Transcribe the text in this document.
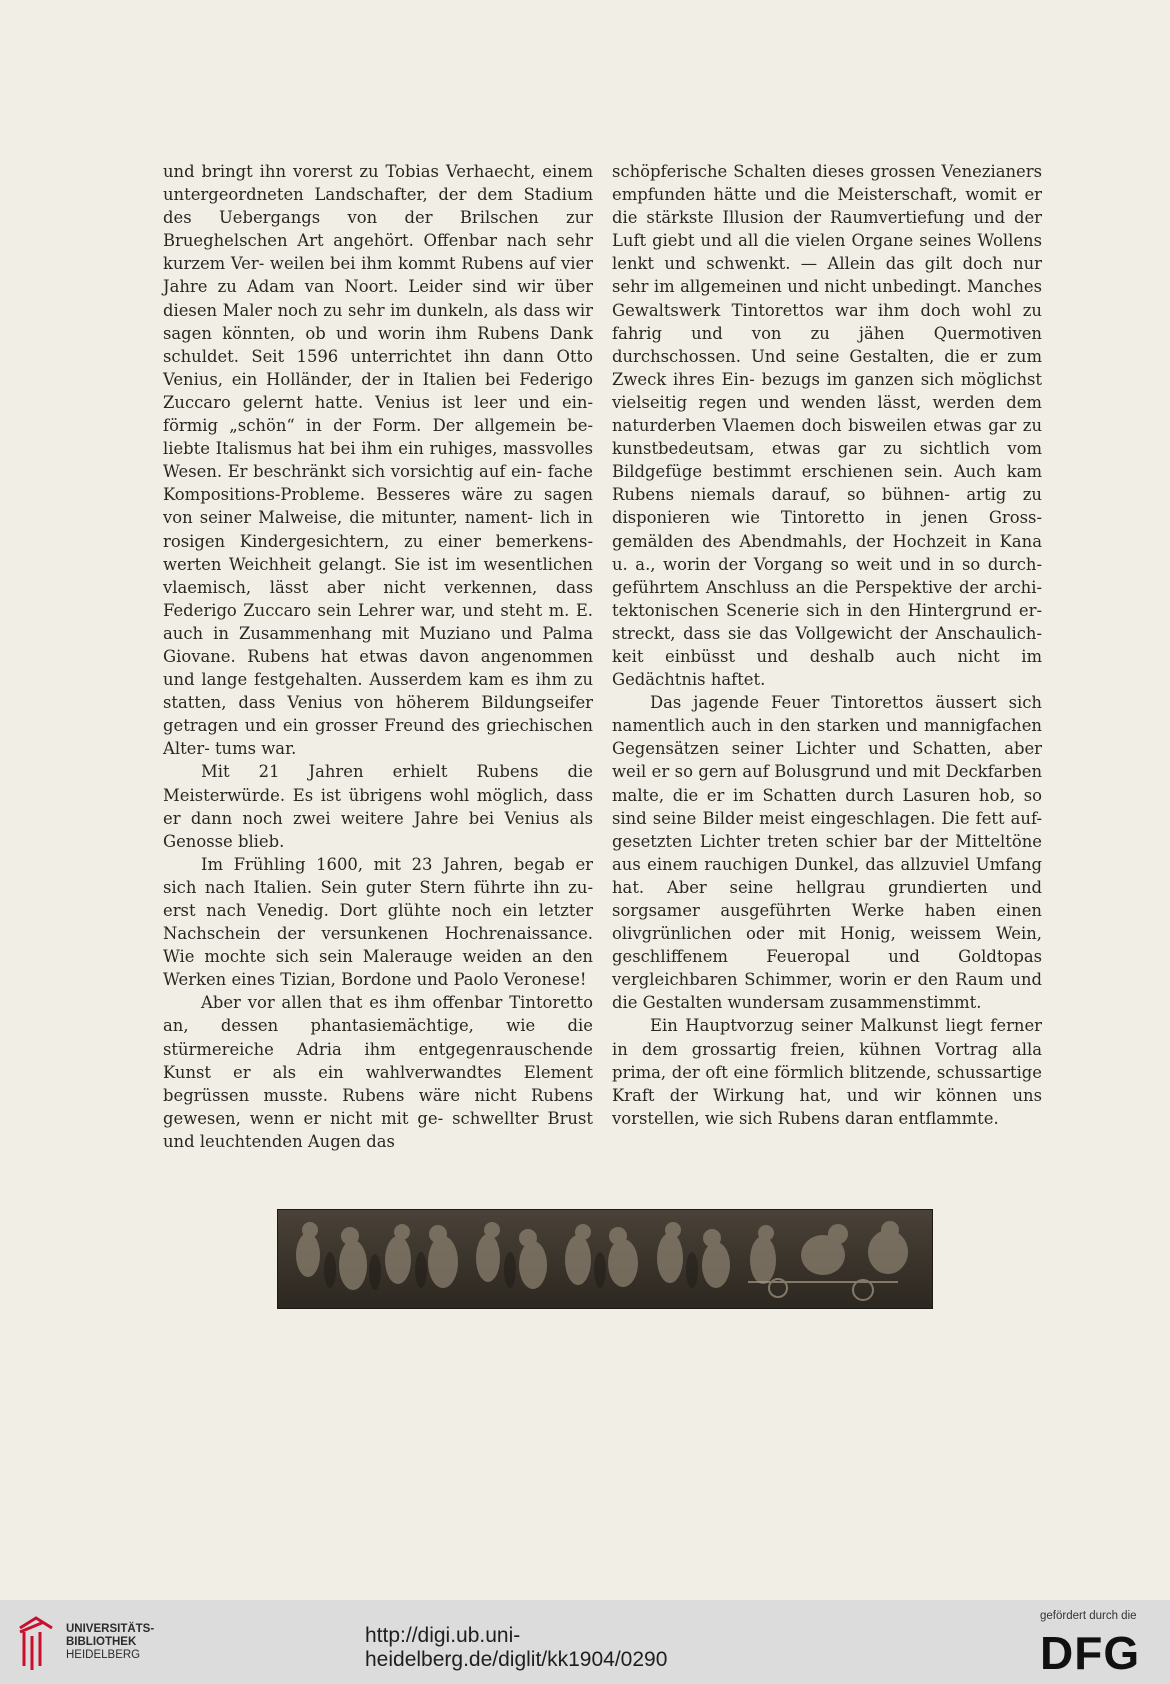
und bringt ihn vorerst zu Tobias Verhaecht, einem untergeordneten Landschafter, der dem Stadium des Uebergangs von der Brilschen zur Brueghelschen Art angehört. Offenbar nach sehr kurzem Ver- weilen bei ihm kommt Rubens auf vier Jahre zu Adam van Noort. Leider sind wir über diesen Maler noch zu sehr im dunkeln, als dass wir sagen könnten, ob und worin ihm Rubens Dank schuldet. Seit 1596 unterrichtet ihn dann Otto Venius, ein Holländer, der in Italien bei Federigo Zuccaro gelernt hatte. Venius ist leer und ein- förmig „schön“ in der Form. Der allgemein be- liebte Italismus hat bei ihm ein ruhiges, massvolles Wesen. Er beschränkt sich vorsichtig auf ein- fache Kompositions-Probleme. Besseres wäre zu sagen von seiner Malweise, die mitunter, nament- lich in rosigen Kindergesichtern, zu einer bemerkens- werten Weichheit gelangt. Sie ist im wesentlichen vlaemisch, lässt aber nicht verkennen, dass Federigo Zuccaro sein Lehrer war, und steht m. E. auch in Zusammenhang mit Muziano und Palma Giovane. Rubens hat etwas davon angenommen und lange festgehalten. Ausserdem kam es ihm zu statten, dass Venius von höherem Bildungseifer getragen und ein grosser Freund des griechischen Alter- tums war.

Mit 21 Jahren erhielt Rubens die Meisterwürde. Es ist übrigens wohl möglich, dass er dann noch zwei weitere Jahre bei Venius als Genosse blieb.

Im Frühling 1600, mit 23 Jahren, begab er sich nach Italien. Sein guter Stern führte ihn zu- erst nach Venedig. Dort glühte noch ein letzter Nachschein der versunkenen Hochrenaissance. Wie mochte sich sein Malerauge weiden an den Werken eines Tizian, Bordone und Paolo Veronese!

Aber vor allen that es ihm offenbar Tintoretto an, dessen phantasiemächtige, wie die stürmereiche Adria ihm entgegenrauschende Kunst er als ein wahlverwandtes Element begrüssen musste. Rubens wäre nicht Rubens gewesen, wenn er nicht mit ge- schwellter Brust und leuchtenden Augen das

schöpferische Schalten dieses grossen Venezianers empfunden hätte und die Meisterschaft, womit er die stärkste Illusion der Raumvertiefung und der Luft giebt und all die vielen Organe seines Wollens lenkt und schwenkt. — Allein das gilt doch nur sehr im allgemeinen und nicht unbedingt. Manches Gewaltswerk Tintorettos war ihm doch wohl zu fahrig und von zu jähen Quermotiven durchschossen. Und seine Gestalten, die er zum Zweck ihres Ein- bezugs im ganzen sich möglichst vielseitig regen und wenden lässt, werden dem naturderben Vlaemen doch bisweilen etwas gar zu kunstbedeutsam, etwas gar zu sichtlich vom Bildgefüge bestimmt erschienen sein. Auch kam Rubens niemals darauf, so bühnen- artig zu disponieren wie Tintoretto in jenen Gross- gemälden des Abendmahls, der Hochzeit in Kana u. a., worin der Vorgang so weit und in so durch- geführtem Anschluss an die Perspektive der archi- tektonischen Scenerie sich in den Hintergrund er- streckt, dass sie das Vollgewicht der Anschaulich- keit einbüsst und deshalb auch nicht im Gedächtnis haftet.

Das jagende Feuer Tintorettos äussert sich namentlich auch in den starken und mannigfachen Gegensätzen seiner Lichter und Schatten, aber weil er so gern auf Bolusgrund und mit Deckfarben malte, die er im Schatten durch Lasuren hob, so sind seine Bilder meist eingeschlagen. Die fett auf- gesetzten Lichter treten schier bar der Mitteltöne aus einem rauchigen Dunkel, das allzuviel Umfang hat. Aber seine hellgrau grundierten und sorgsamer ausgeführten Werke haben einen olivgrünlichen oder mit Honig, weissem Wein, geschliffenem Feueropal und Goldtopas vergleichbaren Schimmer, worin er den Raum und die Gestalten wundersam zusammenstimmt.

Ein Hauptvorzug seiner Malkunst liegt ferner in dem grossartig freien, kühnen Vortrag alla prima, der oft eine förmlich blitzende, schussartige Kraft der Wirkung hat, und wir können uns vorstellen, wie sich Rubens daran entflammte.

UNIVERSITÄTS-
BIBLIOTHEK
HEIDELBERG
http://digi.ub.uni-heidelberg.de/diglit/kk1904/0290
gefördert durch die
DFG
